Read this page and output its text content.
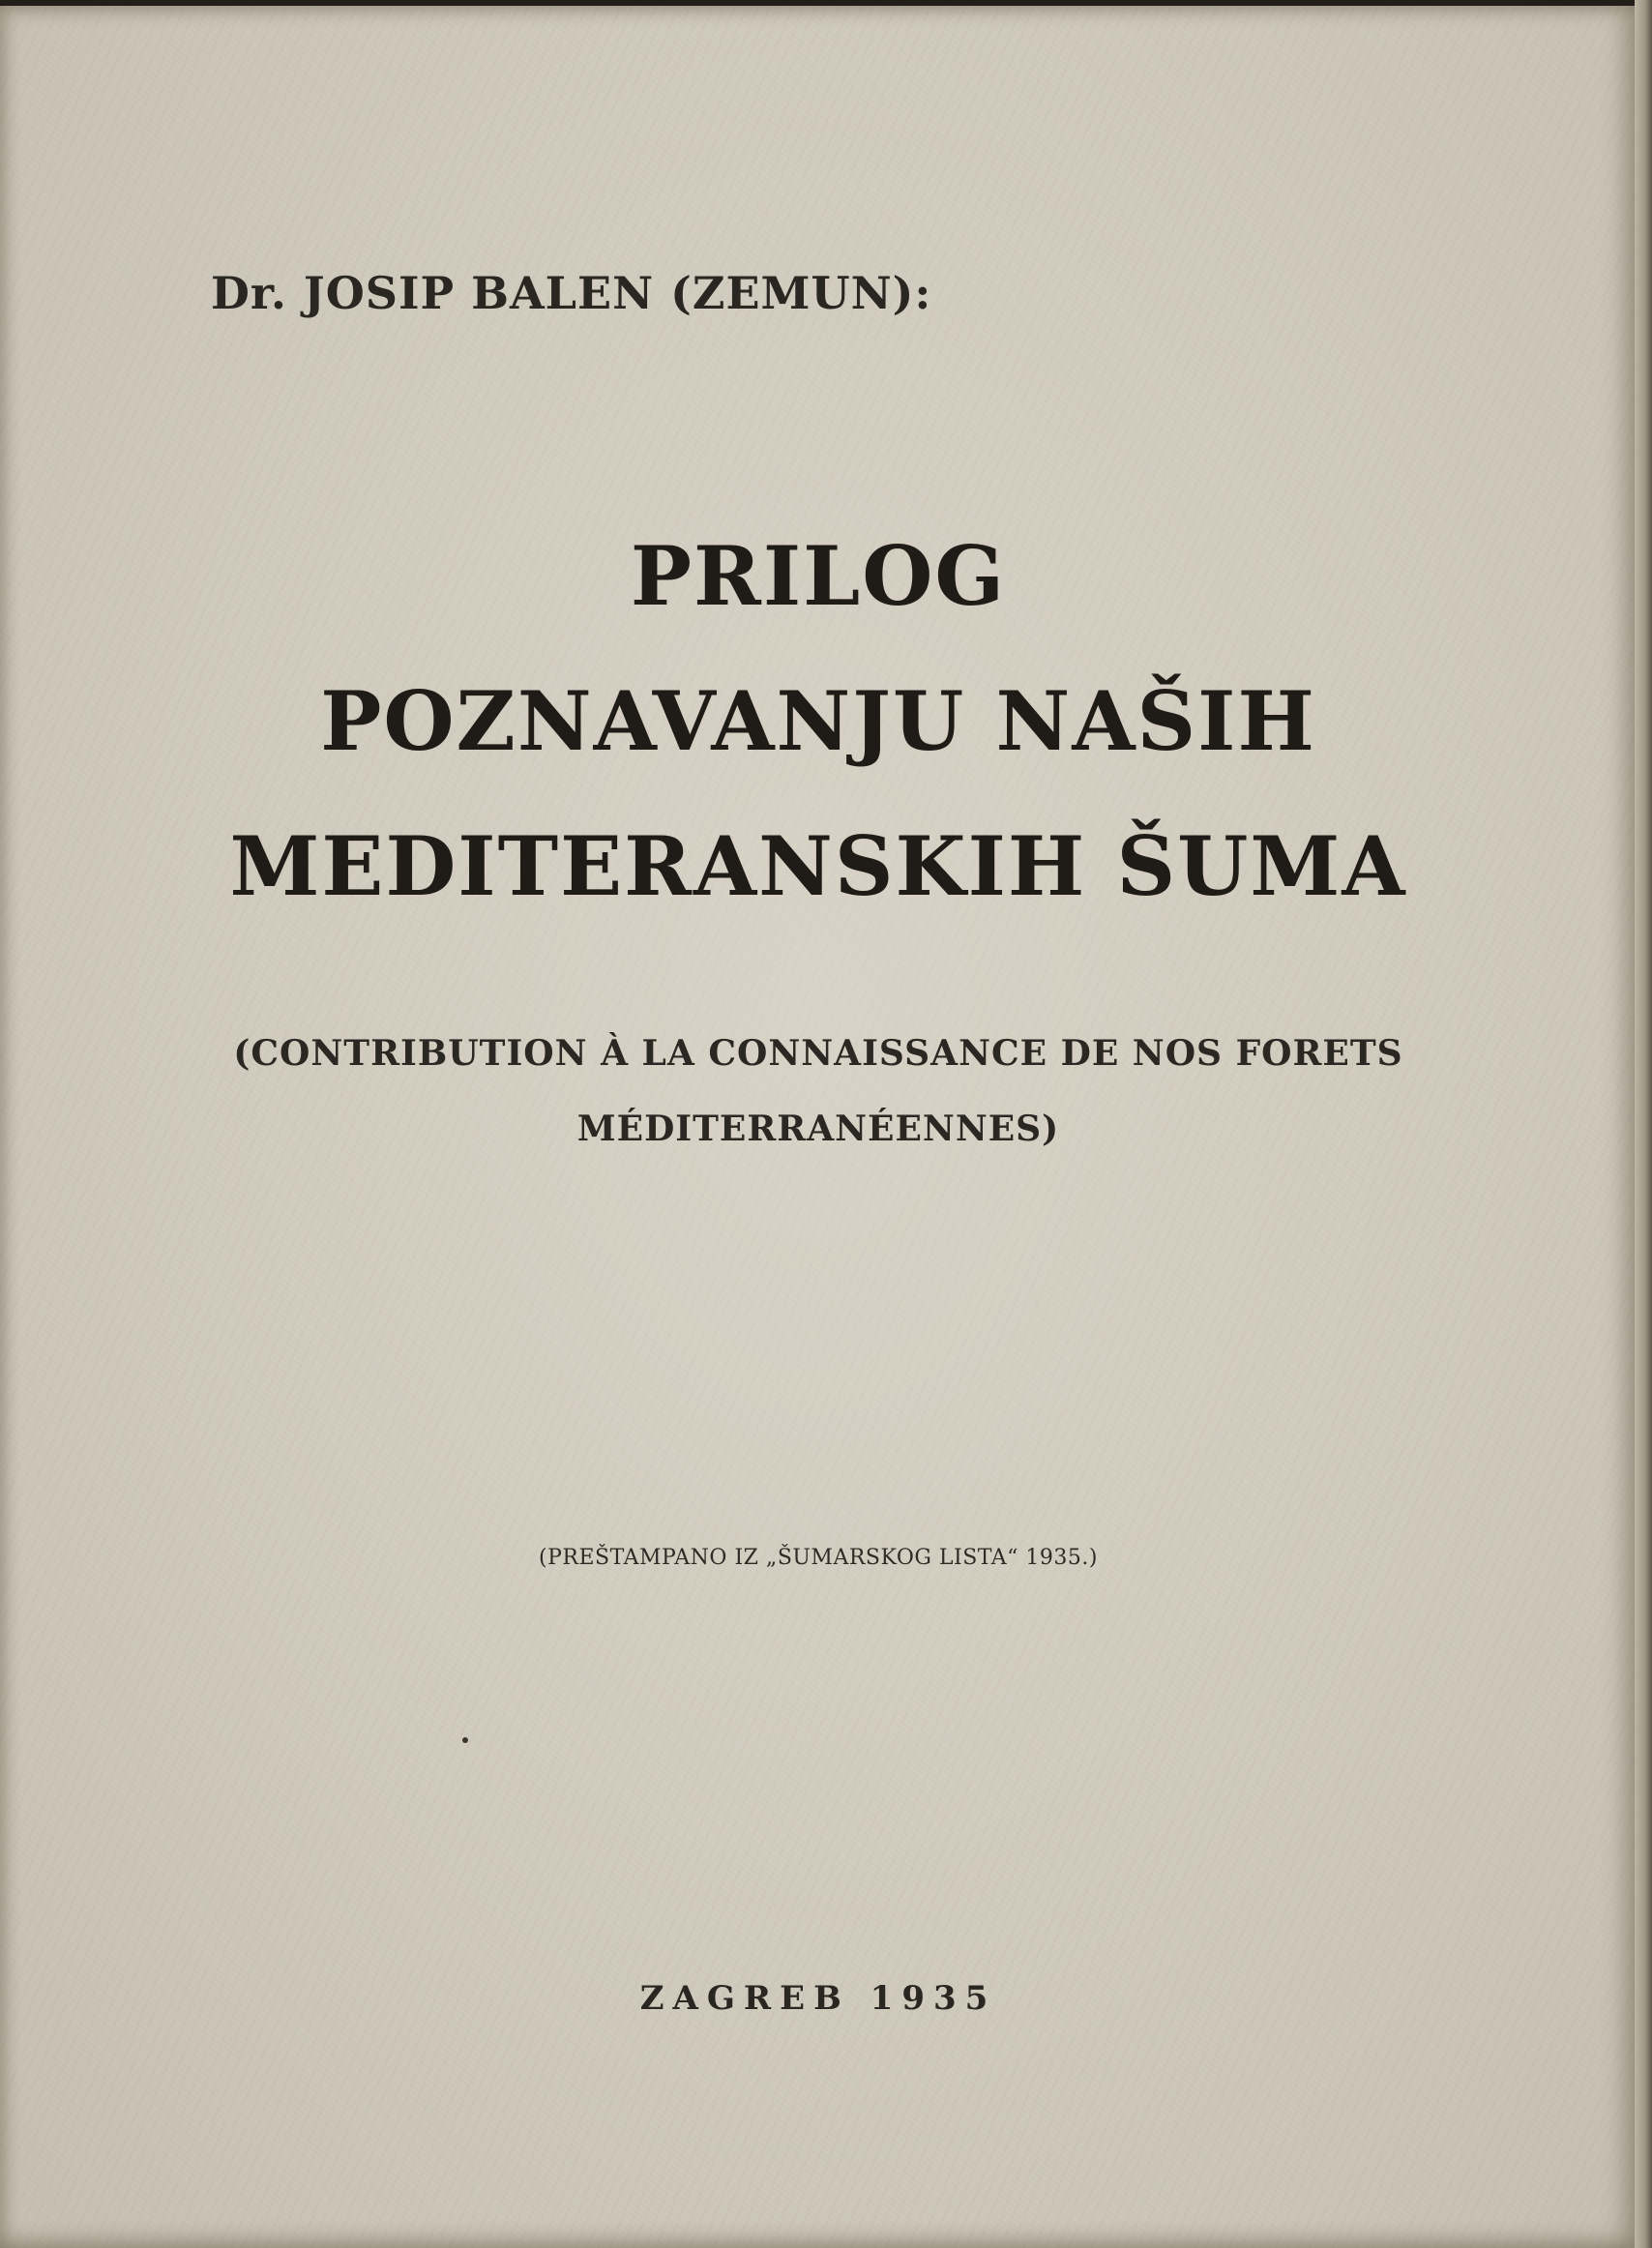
Dr. JOSIP BALEN (ZEMUN):
PRILOG
POZNAVANJU NAŠIH
MEDITERANSKIH ŠUMA
(CONTRIBUTION À LA CONNAISSANCE DE NOS FORETS
MÉDITERRANÉENNES)
(PREŠTAMPANO IZ „ŠUMARSKOG LISTA“ 1935.)
ZAGREB 1935
